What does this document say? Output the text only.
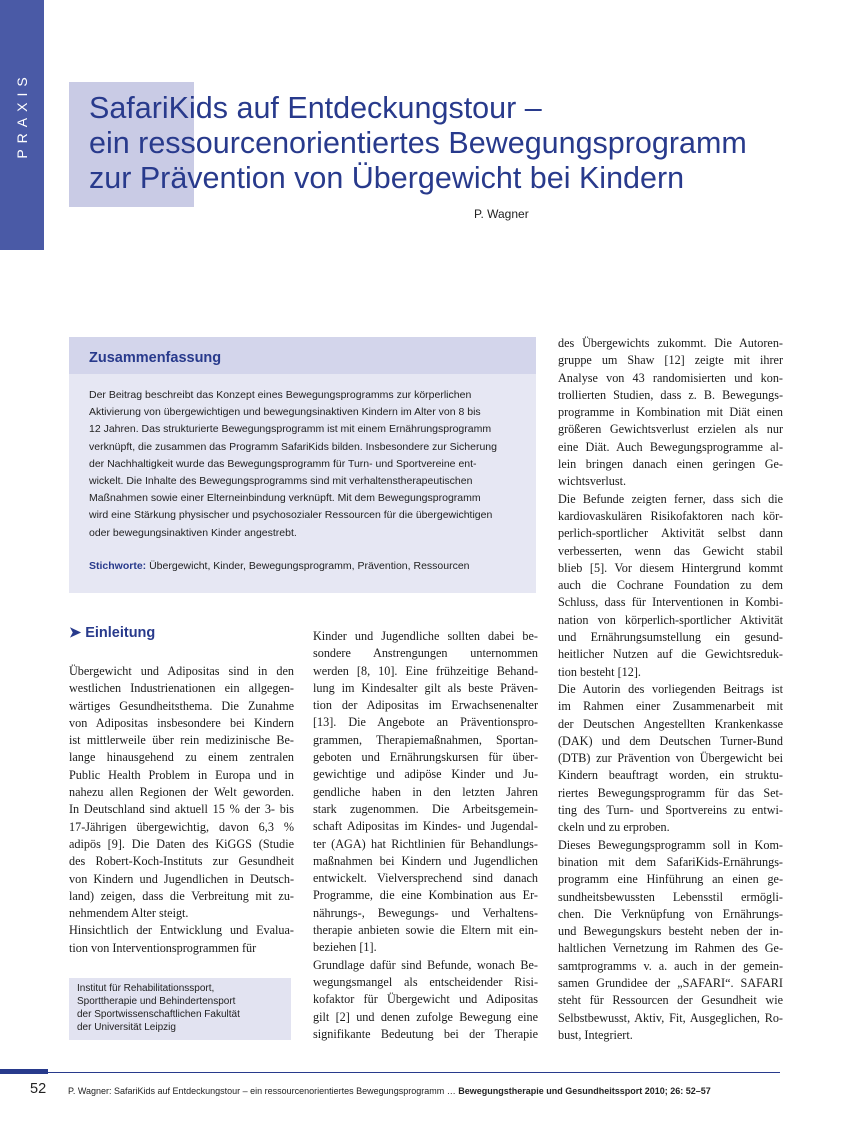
PRAXIS SafariKids auf Entdeckungstour –
ein ressourcenorientiertes Bewegungsprogramm
zur Prävention von Übergewicht bei Kindern
P. Wagner
Zusammenfassung
Der Beitrag beschreibt das Konzept eines Bewegungsprogramms zur körperlichen
Aktivierung von übergewichtigen und bewegungsinaktiven Kindern im Alter von 8 bis
12 Jahren. Das strukturierte Bewegungsprogramm ist mit einem Ernährungsprogramm
verknüpft, die zusammen das Programm SafariKids bilden. Insbesondere zur Sicherung
der Nachhaltigkeit wurde das Bewegungsprogramm für Turn- und Sportvereine ent-
wickelt. Die Inhalte des Bewegungsprogramms sind mit verhaltenstherapeutischen
Maßnahmen sowie einer Elterneinbindung verknüpft. Mit dem Bewegungsprogramm
wird eine Stärkung physischer und psychosozialer Ressourcen für die übergewichtigen
oder bewegungsinaktiven Kinder angestrebt.
Stichworte: Übergewicht, Kinder, Bewegungsprogramm, Prävention, Ressourcen
➤ Einleitung
Übergewicht und Adipositas sind in den
westlichen Industrienationen ein allgegen-
wärtiges Gesundheitsthema. Die Zunahme
von Adipositas insbesondere bei Kindern
ist mittlerweile über rein medizinische Be-
lange hinausgehend zu einem zentralen
Public Health Problem in Europa und in
nahezu allen Regionen der Welt geworden.
In Deutschland sind aktuell 15 % der 3- bis
17-Jährigen übergewichtig, davon 6,3 %
adipös [9]. Die Daten des KiGGS (Studie
des Robert-Koch-Instituts zur Gesundheit
von Kindern und Jugendlichen in Deutsch-
land) zeigen, dass die Verbreitung mit zu-
nehmendem Alter steigt.
Hinsichtlich der Entwicklung und Evalua-
tion von Interventionsprogrammen für
Kinder und Jugendliche sollten dabei be-
sondere Anstrengungen unternommen
werden [8, 10]. Eine frühzeitige Behand-
lung im Kindesalter gilt als beste Präven-
tion der Adipositas im Erwachsenenalter
[13]. Die Angebote an Präventionspro-
grammen, Therapiemaßnahmen, Sportan-
geboten und Ernährungskursen für über-
gewichtige und adipöse Kinder und Ju-
gendliche haben in den letzten Jahren
stark zugenommen. Die Arbeitsgemein-
schaft Adipositas im Kindes- und Jugendal-
ter (AGA) hat Richtlinien für Behandlungs-
maßnahmen bei Kindern und Jugendlichen
entwickelt. Vielversprechend sind danach
Programme, die eine Kombination aus Er-
nährungs-, Bewegungs- und Verhaltens-
therapie anbieten sowie die Eltern mit ein-
beziehen [1].
Grundlage dafür sind Befunde, wonach Be-
wegungsmangel als entscheidender Risi-
kofaktor für Übergewicht und Adipositas
gilt [2] und denen zufolge Bewegung eine
signifikante Bedeutung bei der Therapie
des Übergewichts zukommt. Die Autoren-
gruppe um Shaw [12] zeigte mit ihrer
Analyse von 43 randomisierten und kon-
trollierten Studien, dass z. B. Bewegungs-
programme in Kombination mit Diät einen
größeren Gewichtsverlust erzielen als nur
eine Diät. Auch Bewegungsprogramme al-
lein bringen danach einen geringen Ge-
wichtsverlust.
Die Befunde zeigten ferner, dass sich die
kardiovaskulären Risikofaktoren nach kör-
perlich-sportlicher Aktivität selbst dann
verbesserten, wenn das Gewicht stabil
blieb [5]. Vor diesem Hintergrund kommt
auch die Cochrane Foundation zu dem
Schluss, dass für Interventionen in Kombi-
nation von körperlich-sportlicher Aktivität
und Ernährungsumstellung ein gesund-
heitlicher Nutzen auf die Gewichtsreduk-
tion besteht [12].
Die Autorin des vorliegenden Beitrags ist
im Rahmen einer Zusammenarbeit mit
der Deutschen Angestellten Krankenkasse
(DAK) und dem Deutschen Turner-Bund
(DTB) zur Prävention von Übergewicht bei
Kindern beauftragt worden, ein struktu-
riertes Bewegungsprogramm für das Set-
ting des Turn- und Sportvereins zu entwi-
ckeln und zu erproben.
Dieses Bewegungsprogramm soll in Kom-
bination mit dem SafariKids-Ernährungs-
programm eine Hinführung an einen ge-
sundheitsbewussten Lebensstil ermögli-
chen. Die Verknüpfung von Ernährungs-
und Bewegungskurs besteht neben der in-
haltlichen Vernetzung im Rahmen des Ge-
samtprogramms v. a. auch in der gemein-
samen Grundidee der „SAFARI“. SAFARI
steht für Ressourcen der Gesundheit wie
Selbstbewusst, Aktiv, Fit, Ausgeglichen, Ro-
bust, Integriert.
Institut für Rehabilitationssport,
Sporttherapie und Behindertensport
der Sportwissenschaftlichen Fakultät
der Universität Leipzig
52 P. Wagner: SafariKids auf Entdeckungstour – ein ressourcenorientiertes Bewegungsprogramm … Bewegungstherapie und Gesundheitssport 2010; 26: 52–57
